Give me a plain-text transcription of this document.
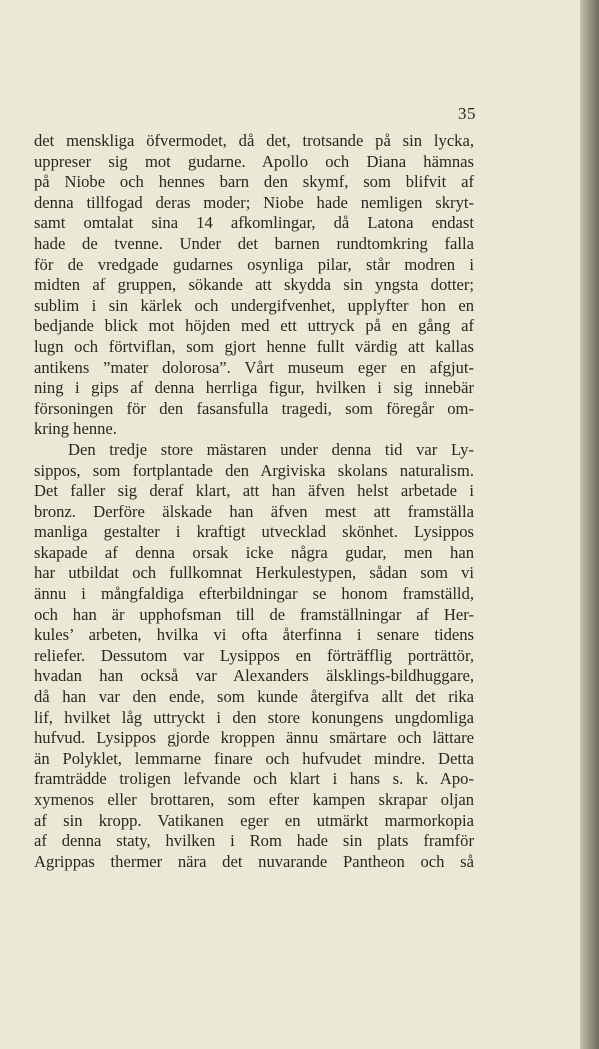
35
det menskliga öfvermodet, då det, trotsande på sin lycka,
uppreser sig mot gudarne. Apollo och Diana hämnas
på Niobe och hennes barn den skymf, som blifvit af
denna tillfogad deras moder; Niobe hade nemligen skryt-
samt omtalat sina 14 afkomlingar, då Latona endast
hade de tvenne. Under det barnen rundtomkring falla
för de vredgade gudarnes osynliga pilar, står modren i
midten af gruppen, sökande att skydda sin yngsta dotter;
sublim i sin kärlek och undergifvenhet, upplyfter hon en
bedjande blick mot höjden med ett uttryck på en gång af
lugn och förtviflan, som gjort henne fullt värdig att kallas
antikens ”mater dolorosa”. Vårt museum eger en afgjut-
ning i gips af denna herrliga figur, hvilken i sig innebär
försoningen för den fasansfulla tragedi, som föregår om-
kring henne.
Den tredje store mästaren under denna tid var Ly-
sippos, som fortplantade den Argiviska skolans naturalism.
Det faller sig deraf klart, att han äfven helst arbetade i
bronz. Derföre älskade han äfven mest att framställa
manliga gestalter i kraftigt utvecklad skönhet. Lysippos
skapade af denna orsak icke några gudar, men han
har utbildat och fullkomnat Herkulestypen, sådan som vi
ännu i mångfaldiga efterbildningar se honom framställd,
och han är upphofsman till de framställningar af Her-
kules’ arbeten, hvilka vi ofta återfinna i senare tidens
reliefer. Dessutom var Lysippos en förträfflig porträttör,
hvadan han också var Alexanders älsklings-bildhuggare,
då han var den ende, som kunde återgifva allt det rika
lif, hvilket låg uttryckt i den store konungens ungdomliga
hufvud. Lysippos gjorde kroppen ännu smärtare och lättare
än Polyklet, lemmarne finare och hufvudet mindre. Detta
framträdde troligen lefvande och klart i hans s. k. Apo-
xymenos eller brottaren, som efter kampen skrapar oljan
af sin kropp. Vatikanen eger en utmärkt marmorkopia
af denna staty, hvilken i Rom hade sin plats framför
Agrippas thermer nära det nuvarande Pantheon och så
